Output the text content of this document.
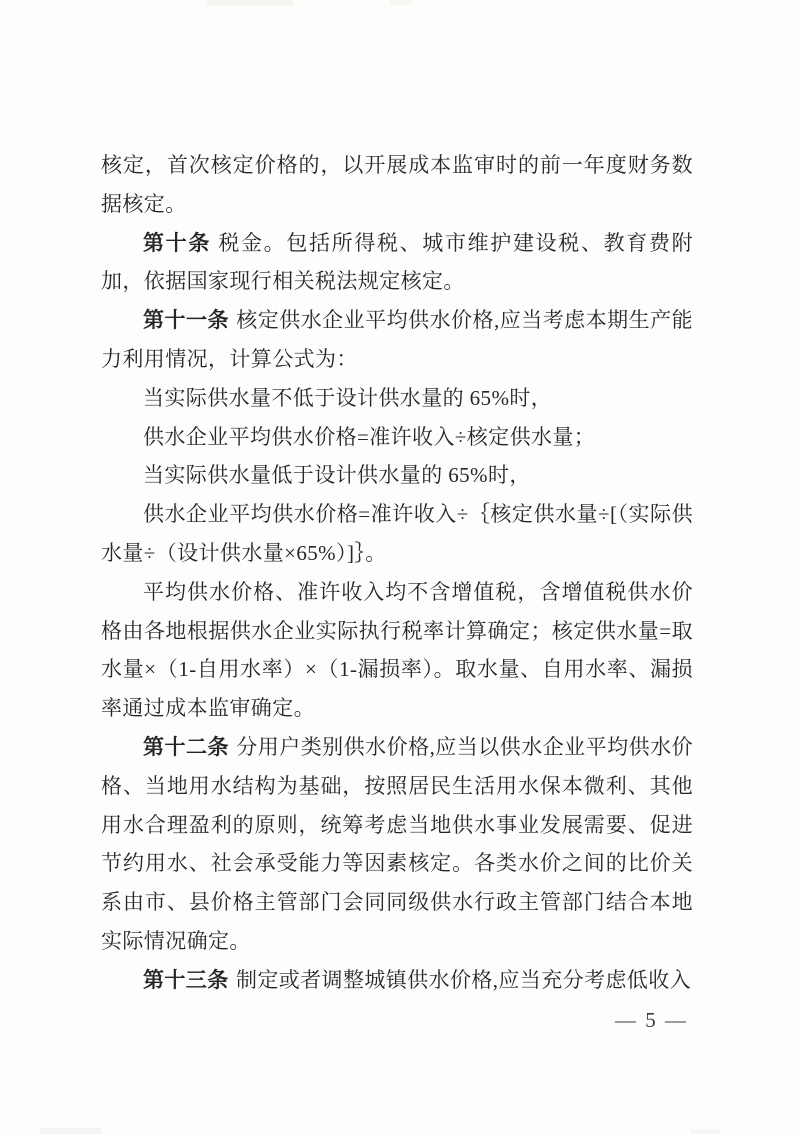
核定，首次核定价格的，以开展成本监审时的前一年度财务数据核定。

第十条 税金。包括所得税、城市维护建设税、教育费附加，依据国家现行相关税法规定核定。

第十一条 核定供水企业平均供水价格,应当考虑本期生产能力利用情况，计算公式为：

当实际供水量不低于设计供水量的 65%时，

供水企业平均供水价格=准许收入÷核定供水量；

当实际供水量低于设计供水量的 65%时，

供水企业平均供水价格=准许收入÷｛核定供水量÷[（实际供水量÷（设计供水量×65%）]｝。

平均供水价格、准许收入均不含增值税，含增值税供水价格由各地根据供水企业实际执行税率计算确定；核定供水量=取水量×（1-自用水率）×（1-漏损率）。取水量、自用水率、漏损率通过成本监审确定。

第十二条 分用户类别供水价格,应当以供水企业平均供水价格、当地用水结构为基础，按照居民生活用水保本微利、其他用水合理盈利的原则，统筹考虑当地供水事业发展需要、促进节约用水、社会承受能力等因素核定。各类水价之间的比价关系由市、县价格主管部门会同同级供水行政主管部门结合本地实际情况确定。

第十三条 制定或者调整城镇供水价格,应当充分考虑低收入

— 5 —
